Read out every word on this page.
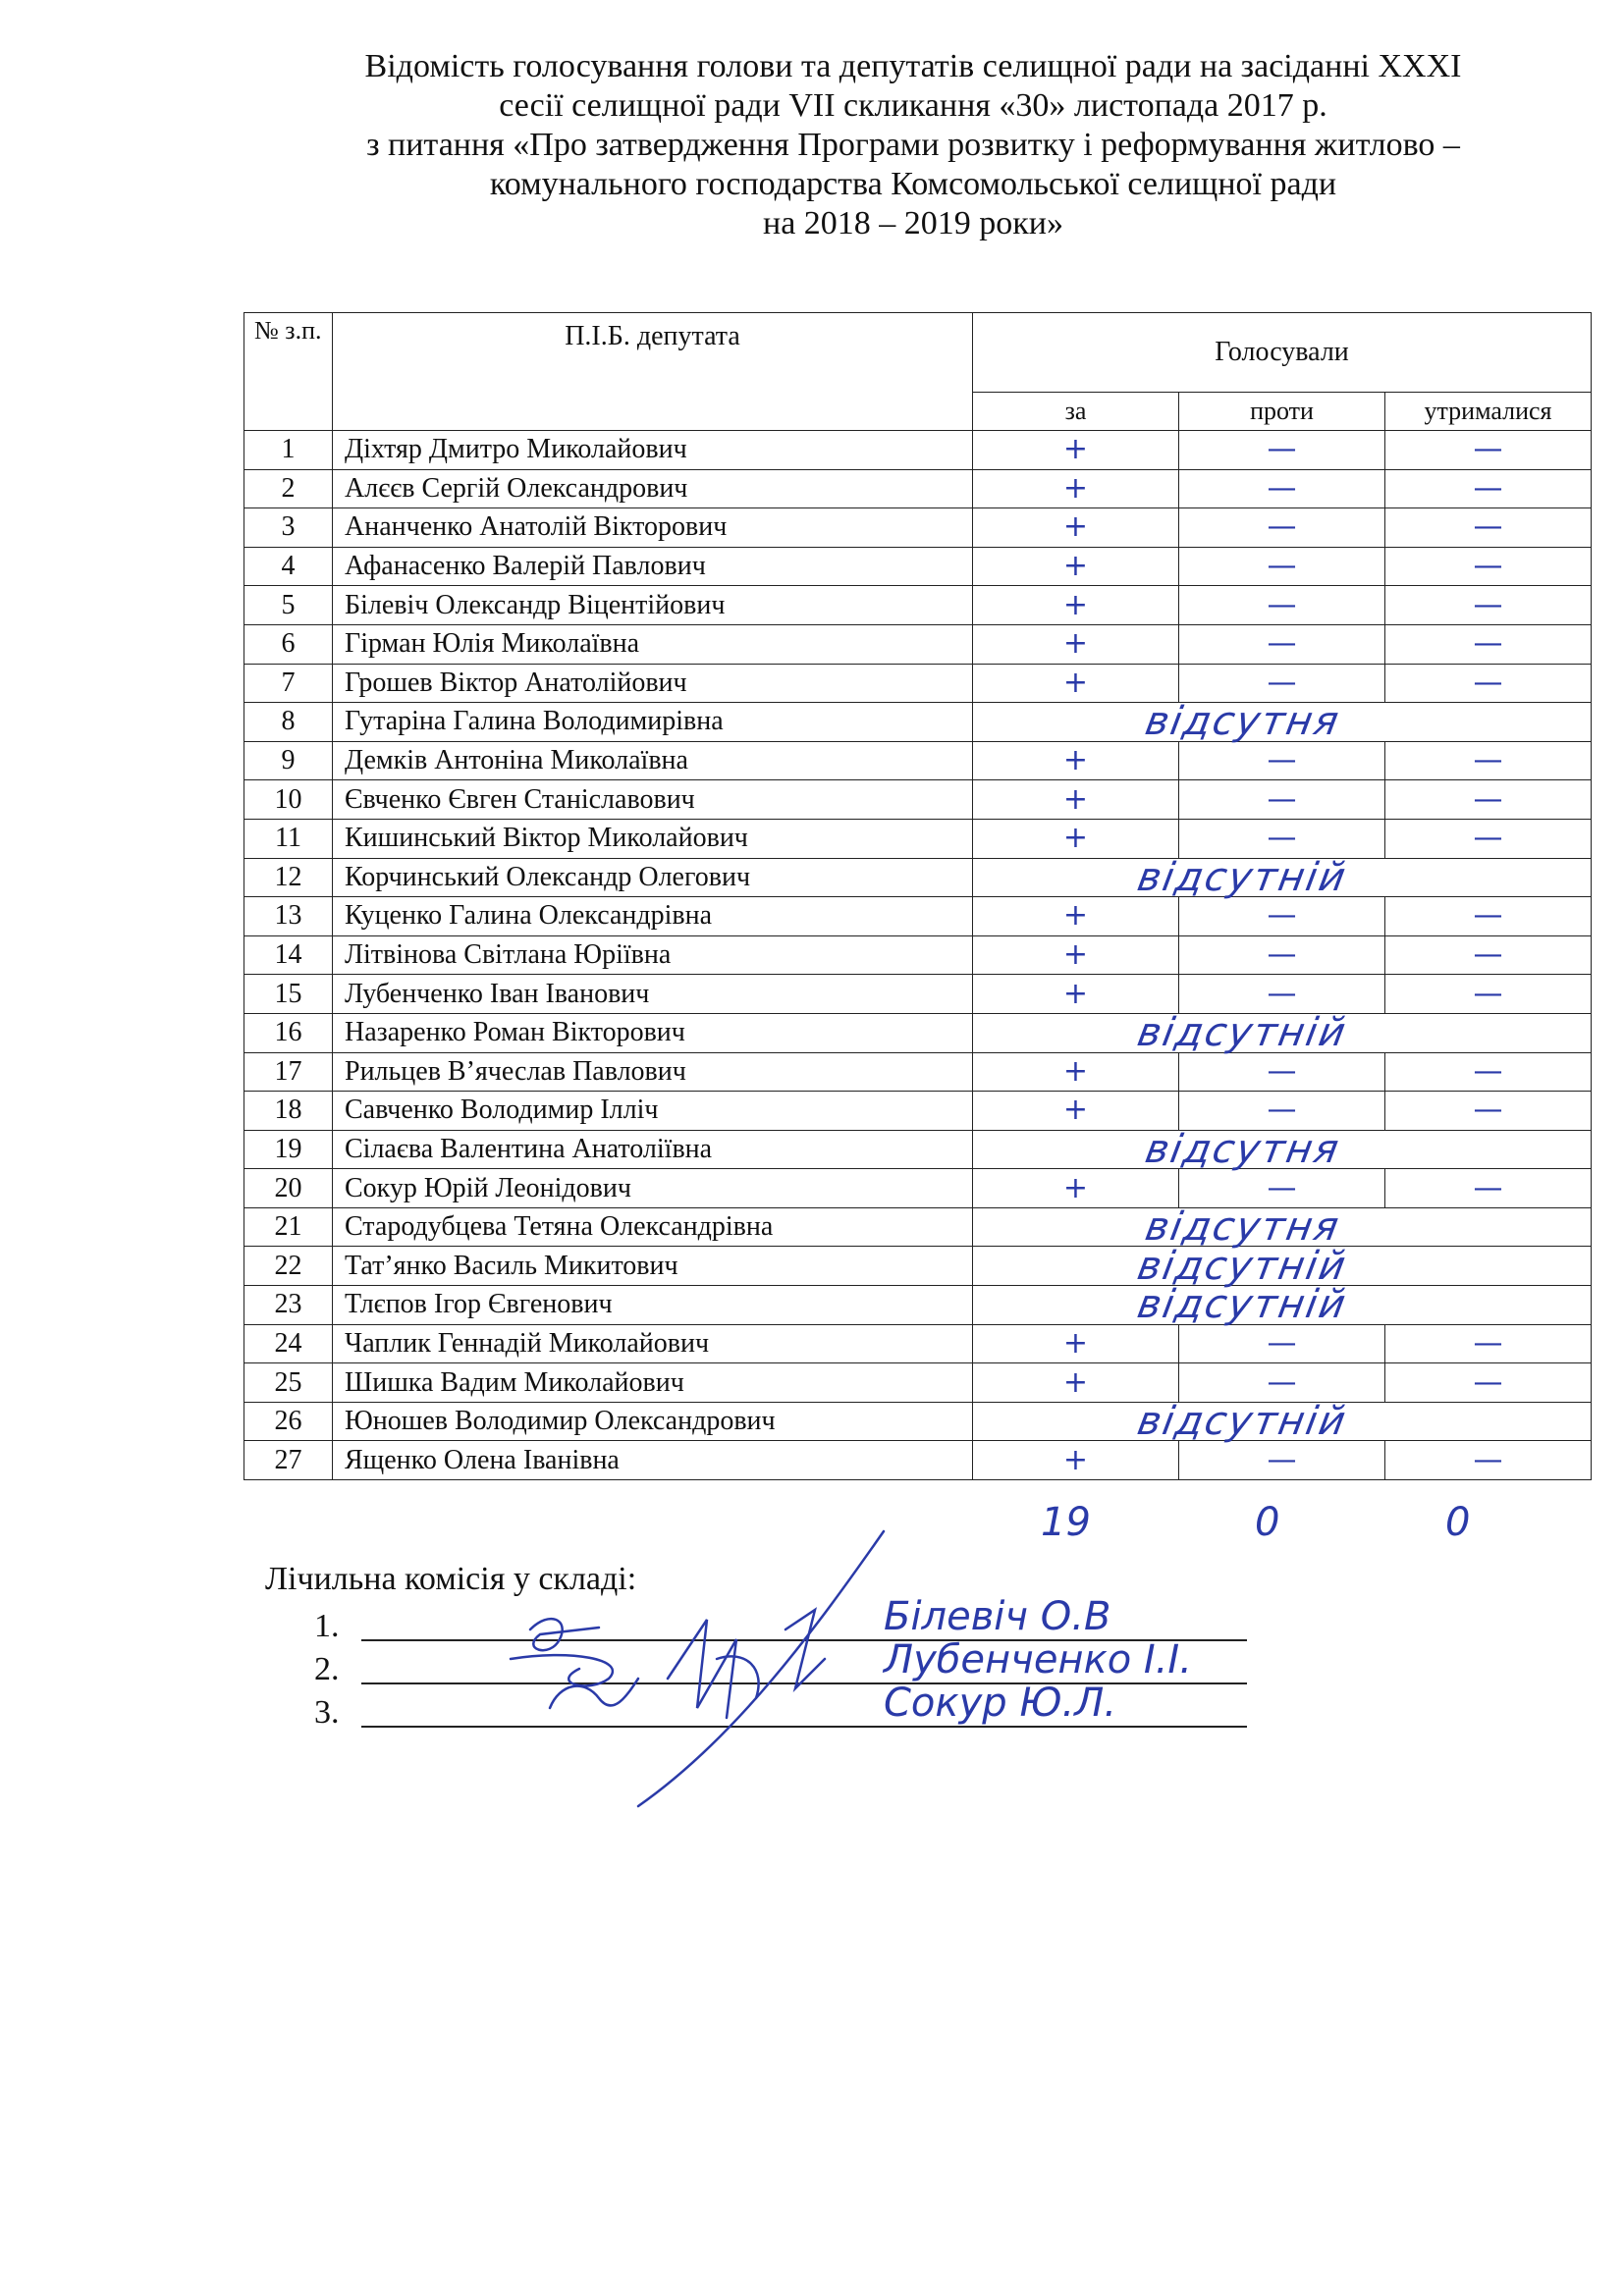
Відомість голосування голови та депутатів селищної ради на засіданні XXXI
сесії селищної ради VII скликання «30» листопада 2017 р.
з питання «Про затвердження Програми розвитку і реформування житлово –
комунального господарства Комсомольської селищної ради
на 2018 – 2019 роки»
№ з.п.	П.І.Б. депутата	Голосували		
		за	проти	утрималися
1	Діхтяр Дмитро Миколайович	+	—	—
2	Алєєв Сергій Олександрович	+	—	—
3	Ананченко Анатолій Вікторович	+	—	—
4	Афанасенко Валерій Павлович	+	—	—
5	Білевіч Олександр Віцентійович	+	—	—
6	Гірман Юлія Миколаївна	+	—	—
7	Грошев Віктор Анатолійович	+	—	—
8	Гутаріна Галина Володимирівна	відсутня		
9	Демків Антоніна Миколаївна	+	—	—
10	Євченко Євген Станіславович	+	—	—
11	Кишинський Віктор Миколайович	+	—	—
12	Корчинський Олександр Олегович	відсутній		
13	Куценко Галина Олександрівна	+	—	—
14	Літвінова Світлана Юріївна	+	—	—
15	Лубенченко Іван Іванович	+	—	—
16	Назаренко Роман Вікторович	відсутній		
17	Рильцев В’ячеслав Павлович	+	—	—
18	Савченко Володимир Ілліч	+	—	—
19	Сілаєва Валентина Анатоліївна	відсутня		
20	Сокур Юрій Леонідович	+	—	—
21	Стародубцева Тетяна Олександрівна	відсутня		
22	Тат’янко Василь Микитович	відсутній		
23	Тлєпов Ігор Євгенович	відсутній		
24	Чаплик Геннадій Миколайович	+	—	—
25	Шишка Вадим Миколайович	+	—	—
26	Юношев Володимир Олександрович	відсутній		
27	Ященко Олена Іванівна	+	—	—
19	0	0
Лічильна комісія у складі:
1.	Білевіч О.В
2.	Лубенченко І.І.
3.	Сокур Ю.Л.
